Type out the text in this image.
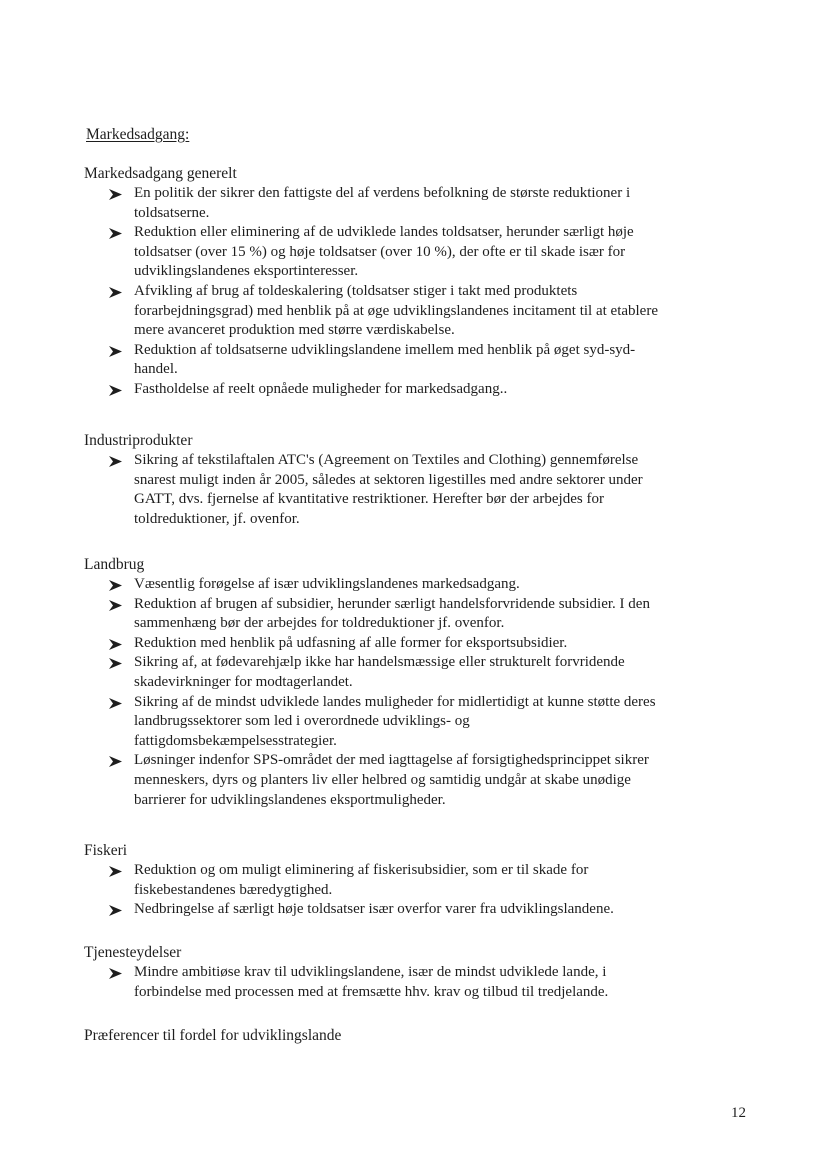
Markedsadgang:
Markedsadgang generelt
En politik der sikrer den fattigste del af verdens befolkning de største reduktioner i
toldsatserne.
Reduktion eller eliminering af de udviklede landes toldsatser, herunder særligt høje
toldsatser (over 15 %) og høje toldsatser (over 10 %), der ofte er til skade især for
udviklingslandenes eksportinteresser.
Afvikling af brug af toldeskalering (toldsatser stiger i takt med produktets
forarbejdningsgrad) med henblik på at øge udviklingslandenes incitament til at etablere
mere avanceret produktion med større værdiskabelse.
Reduktion af toldsatserne udviklingslandene imellem med henblik på øget syd-syd-
handel.
Fastholdelse af reelt opnåede muligheder for markedsadgang..
Industriprodukter
Sikring af tekstilaftalen ATC's (Agreement on Textiles and Clothing) gennemførelse
snarest muligt inden år 2005, således at sektoren ligestilles med andre sektorer under
GATT, dvs. fjernelse af kvantitative restriktioner. Herefter bør der arbejdes for
toldreduktioner, jf. ovenfor.
Landbrug
Væsentlig forøgelse af især udviklingslandenes markedsadgang.
Reduktion af brugen af subsidier, herunder særligt handelsforvridende subsidier. I den
sammenhæng bør der arbejdes for toldreduktioner jf. ovenfor.
Reduktion med henblik på udfasning af alle former for eksportsubsidier.
Sikring af, at fødevarehjælp ikke har handelsmæssige eller strukturelt forvridende
skadevirkninger for modtagerlandet.
Sikring af de mindst udviklede landes muligheder for midlertidigt at kunne støtte deres
landbrugssektorer som led i overordnede udviklings- og
fattigdomsbekæmpelsesstrategier.
Løsninger indenfor SPS-området der med iagttagelse af forsigtighedsprincippet sikrer
menneskers, dyrs og planters liv eller helbred og samtidig undgår at skabe unødige
barrierer for udviklingslandenes eksportmuligheder.
Fiskeri
Reduktion og om muligt eliminering af fiskerisubsidier, som er til skade for
fiskebestandenes bæredygtighed.
Nedbringelse af særligt høje toldsatser især overfor varer fra udviklingslandene.
Tjenesteydelser
Mindre ambitiøse krav til udviklingslandene, især de mindst udviklede lande, i
forbindelse med processen med at fremsætte hhv. krav og tilbud til tredjelande.
Præferencer til fordel for udviklingslande
12
